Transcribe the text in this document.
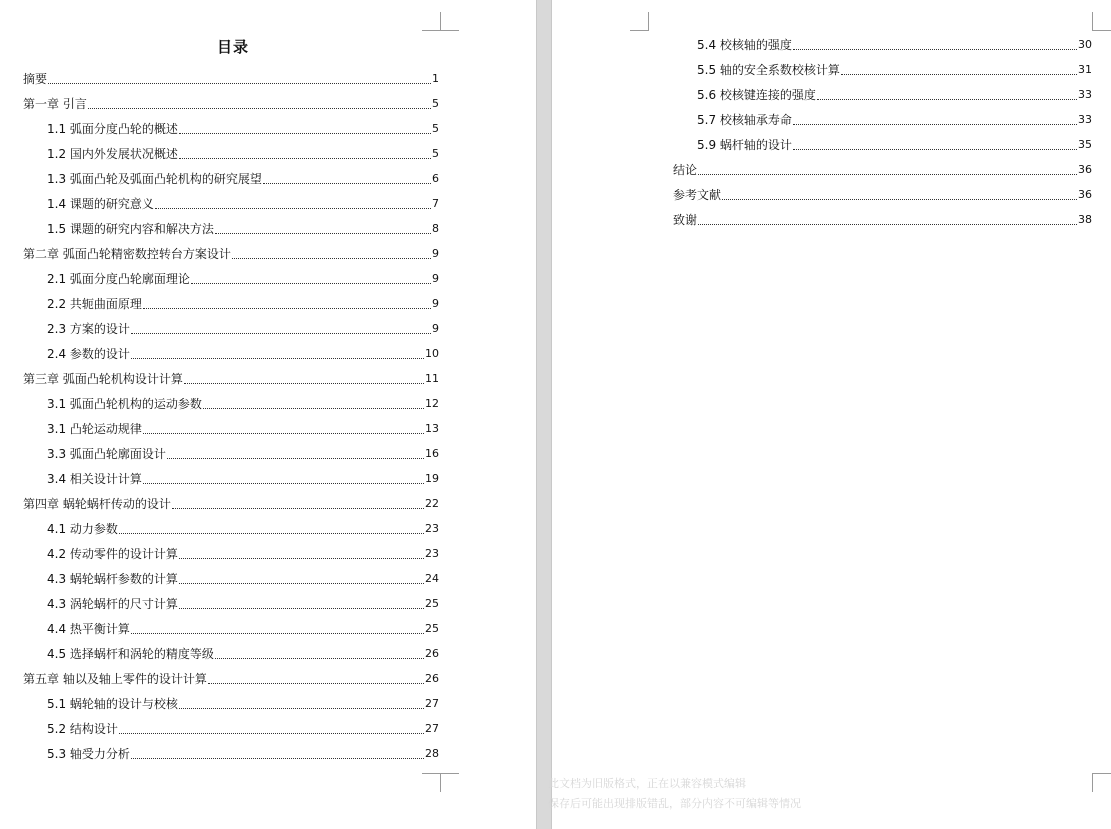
目录
摘要	1
第一章 引言	5
1.1 弧面分度凸轮的概述	5
1.2 国内外发展状况概述	5
1.3 弧面凸轮及弧面凸轮机构的研究展望	6
1.4 课题的研究意义	7
1.5 课题的研究内容和解决方法	8
第二章 弧面凸轮精密数控转台方案设计	9
2.1 弧面分度凸轮廓面理论	9
2.2 共轭曲面原理	9
2.3 方案的设计	9
2.4 参数的设计	10
第三章 弧面凸轮机构设计计算	11
3.1 弧面凸轮机构的运动参数	12
3.1 凸轮运动规律	13
3.3 弧面凸轮廓面设计	16
3.4 相关设计计算	19
第四章 蜗轮蜗杆传动的设计	22
4.1 动力参数	23
4.2 传动零件的设计计算	23
4.3 蜗轮蜗杆参数的计算	24
4.3 涡轮蜗杆的尺寸计算	25
4.4 热平衡计算	25
4.5 选择蜗杆和涡轮的精度等级	26
第五章 轴以及轴上零件的设计计算	26
5.1 蜗轮轴的设计与校核	27
5.2 结构设计	27
5.3 轴受力分析	28
5.4 校核轴的强度	30
5.5 轴的安全系数校核计算	31
5.6 校核键连接的强度	33
5.7 校核轴承寿命	33
5.9 蜗杆轴的设计	35
结论	36
参考文献	36
致谢	38
此文档为旧版格式，正在以兼容模式编辑
保存后可能出现排版错乱，部分内容不可编辑等情况
